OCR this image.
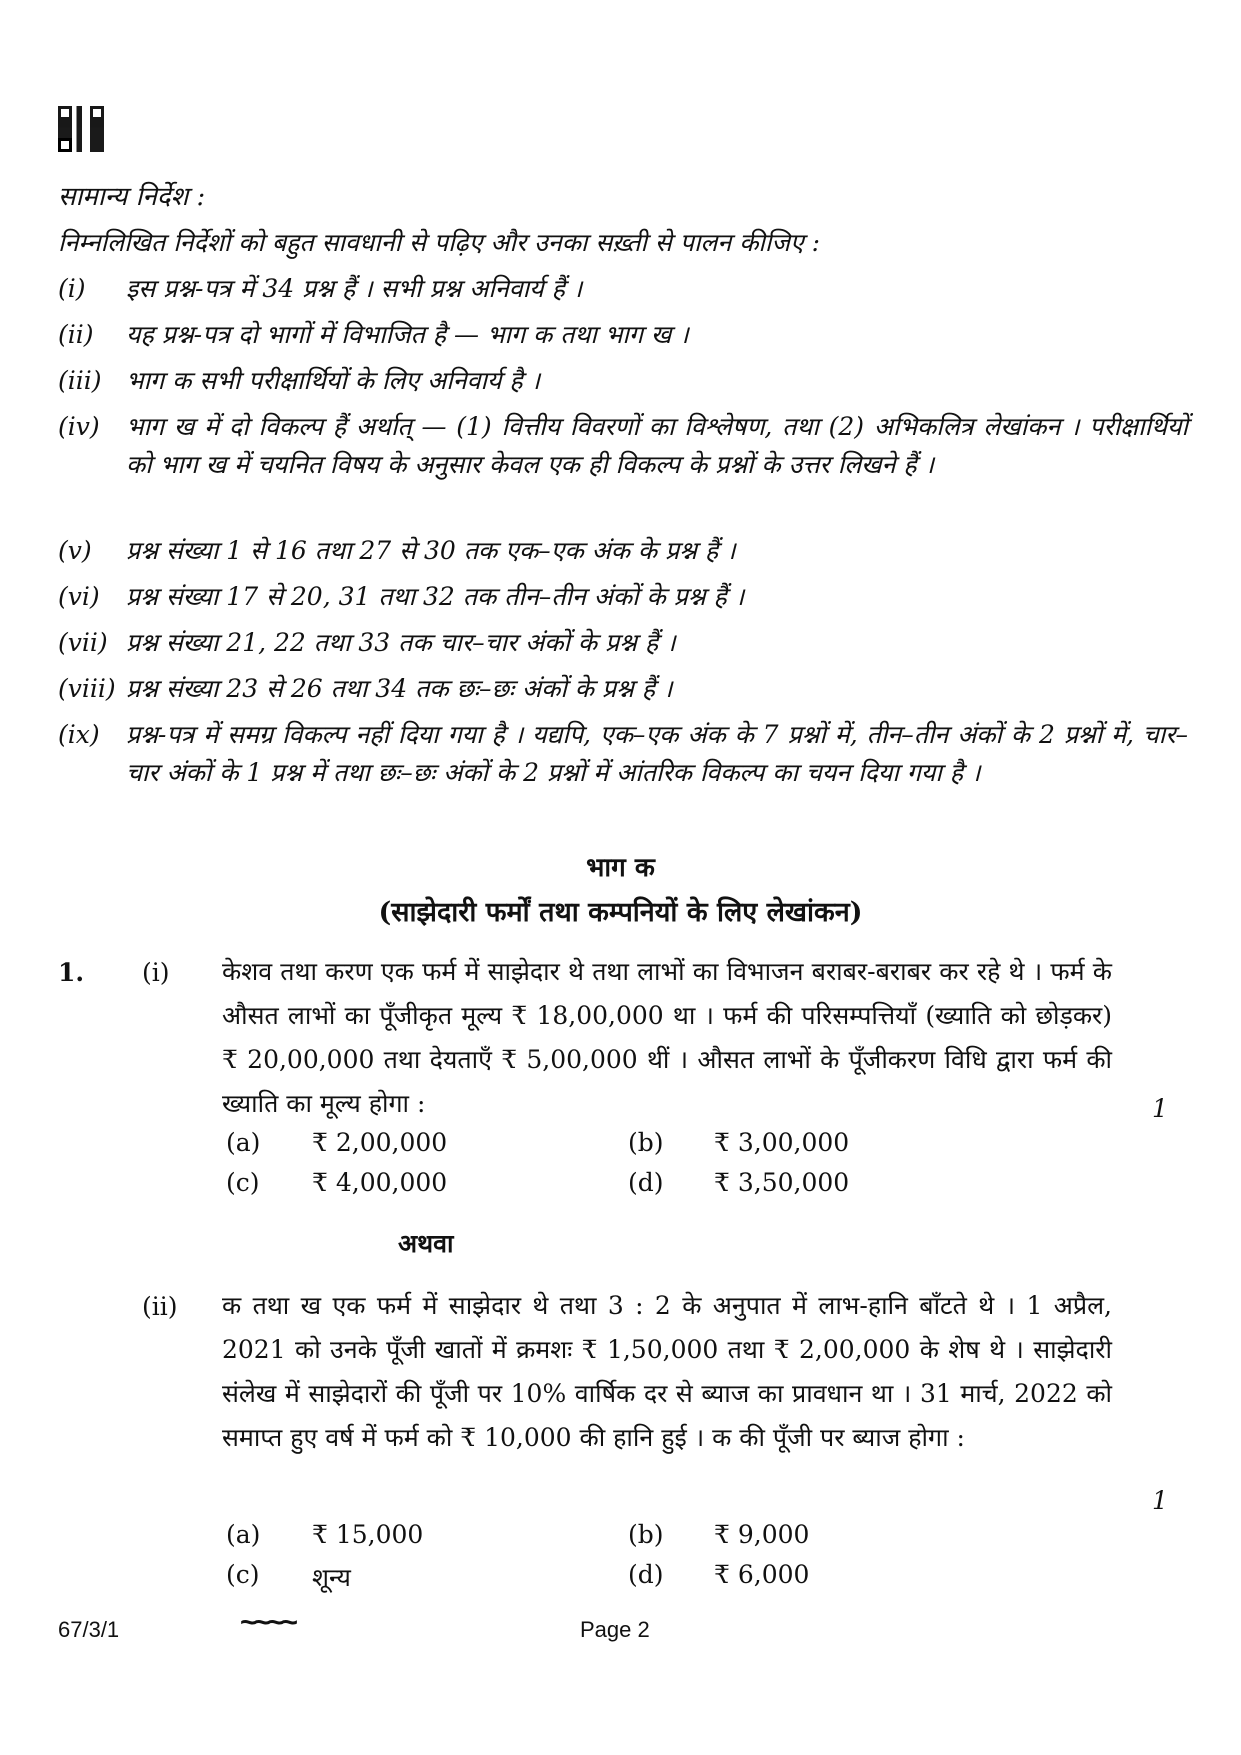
सामान्य निर्देश :
निम्नलिखित निर्देशों को बहुत सावधानी से पढ़िए और उनका सख़्ती से पालन कीजिए :
(i) इस प्रश्न-पत्र में 34 प्रश्न हैं । सभी प्रश्न अनिवार्य हैं ।
(ii) यह प्रश्न-पत्र दो भागों में विभाजित है — भाग क तथा भाग ख ।
(iii) भाग क सभी परीक्षार्थियों के लिए अनिवार्य है ।
(iv) भाग ख में दो विकल्प हैं अर्थात् — (1) वित्तीय विवरणों का विश्लेषण, तथा (2) अभिकलित्र लेखांकन । परीक्षार्थियों को भाग ख में चयनित विषय के अनुसार केवल एक ही विकल्प के प्रश्नों के उत्तर लिखने हैं ।
(v) प्रश्न संख्या 1 से 16 तथा 27 से 30 तक एक–एक अंक के प्रश्न हैं ।
(vi) प्रश्न संख्या 17 से 20, 31 तथा 32 तक तीन–तीन अंकों के प्रश्न हैं ।
(vii) प्रश्न संख्या 21, 22 तथा 33 तक चार–चार अंकों के प्रश्न हैं ।
(viii) प्रश्न संख्या 23 से 26 तथा 34 तक छः–छः अंकों के प्रश्न हैं ।
(ix) प्रश्न-पत्र में समग्र विकल्प नहीं दिया गया है । यद्यपि, एक–एक अंक के 7 प्रश्नों में, तीन–तीन अंकों के 2 प्रश्नों में, चार–चार अंकों के 1 प्रश्न में तथा छः–छः अंकों के 2 प्रश्नों में आंतरिक विकल्प का चयन दिया गया है ।
भाग क
(साझेदारी फर्मों तथा कम्पनियों के लिए लेखांकन)
1. (i) केशव तथा करण एक फर्म में साझेदार थे तथा लाभों का विभाजन बराबर-बराबर कर रहे थे । फर्म के औसत लाभों का पूँजीकृत मूल्य ₹ 18,00,000 था । फर्म की परिसम्पत्तियाँ (ख्याति को छोड़कर) ₹ 20,00,000 तथा देयताएँ ₹ 5,00,000 थीं । औसत लाभों के पूँजीकरण विधि द्वारा फर्म की ख्याति का मूल्य होगा :	1
(a) ₹ 2,00,000	(b) ₹ 3,00,000
(c) ₹ 4,00,000	(d) ₹ 3,50,000
अथवा
(ii) क तथा ख एक फर्म में साझेदार थे तथा 3 : 2 के अनुपात में लाभ-हानि बाँटते थे । 1 अप्रैल, 2021 को उनके पूँजी खातों में क्रमशः ₹ 1,50,000 तथा ₹ 2,00,000 के शेष थे । साझेदारी संलेख में साझेदारों की पूँजी पर 10% वार्षिक दर से ब्याज का प्रावधान था । 31 मार्च, 2022 को समाप्त हुए वर्ष में फर्म को ₹ 10,000 की हानि हुई । क की पूँजी पर ब्याज होगा :
1
(a) ₹ 15,000	(b) ₹ 9,000
(c) शून्य	(d) ₹ 6,000
67/3/1	~~~~	Page 2
